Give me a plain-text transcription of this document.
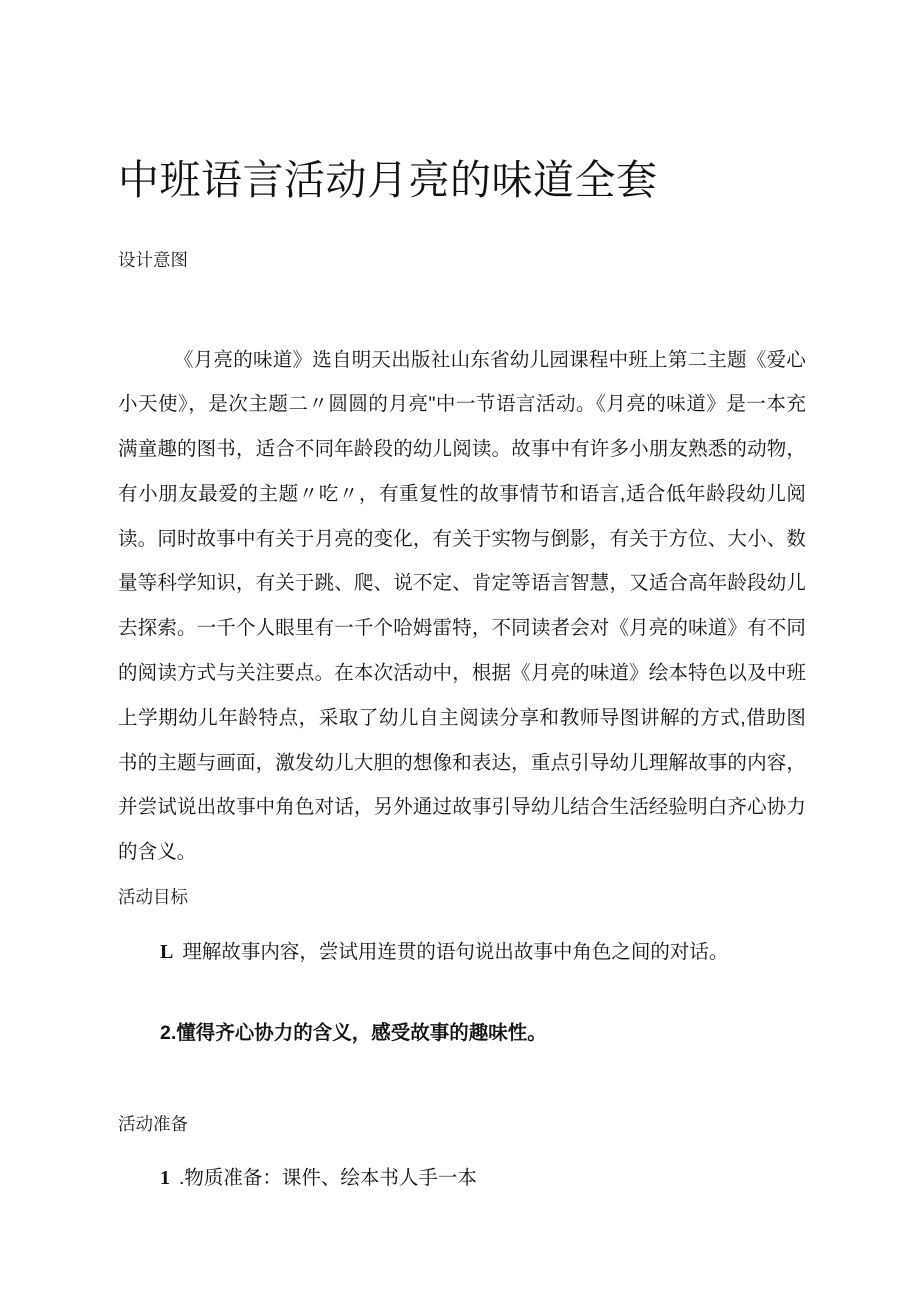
中班语言活动月亮的味道全套
设计意图

《月亮的味道》选自明天出版社山东省幼儿园课程中班上第二主题《爱心小天使》，是次主题二〃圆圆的月亮"中一节语言活动。《月亮的味道》是一本充满童趣的图书，适合不同年龄段的幼儿阅读。故事中有许多小朋友熟悉的动物，有小朋友最爱的主题〃吃〃，有重复性的故事情节和语言,适合低年龄段幼儿阅读。同时故事中有关于月亮的变化，有关于实物与倒影，有关于方位、大小、数量等科学知识，有关于跳、爬、说不定、肯定等语言智慧，又适合高年龄段幼儿去探索。一千个人眼里有一千个哈姆雷特，不同读者会对《月亮的味道》有不同的阅读方式与关注要点。在本次活动中，根据《月亮的味道》绘本特色以及中班上学期幼儿年龄特点，采取了幼儿自主阅读分享和教师导图讲解的方式,借助图书的主题与画面，激发幼儿大胆的想像和表达，重点引导幼儿理解故事的内容，并尝试说出故事中角色对话，另外通过故事引导幼儿结合生活经验明白齐心协力的含义。

活动目标
L 理解故事内容，尝试用连贯的语句说出故事中角色之间的对话。
2.懂得齐心协力的含义，感受故事的趣味性。
活动准备
1 .物质准备：课件、绘本书人手一本
